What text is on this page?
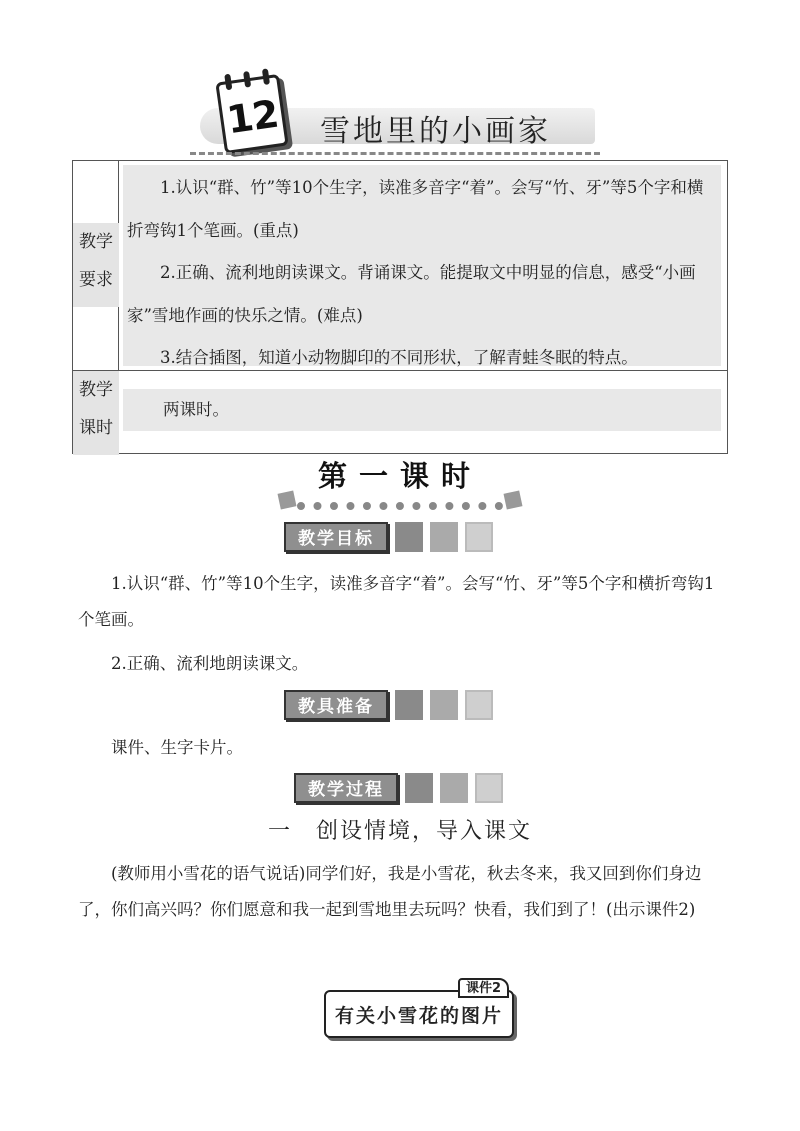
12 雪地里的小画家
教学
要求

1.认识“群、竹”等10个生字，读准多音字“着”。会写“竹、牙”等5个字和横折弯钩1个笔画。(重点)

2.正确、流利地朗读课文。背诵课文。能提取文中明显的信息，感受“小画家”雪地作画的快乐之情。(难点)

3.结合插图，知道小动物脚印的不同形状，了解青蛙冬眠的特点。

教学
课时
两课时。
第一课时
教学目标
1.认识“群、竹”等10个生字，读准多音字“着”。会写“竹、牙”等5个字和横折弯钩1个笔画。
2.正确、流利地朗读课文。
教具准备
课件、生字卡片。
教学过程
一　创设情境，导入课文
(教师用小雪花的语气说话)同学们好，我是小雪花，秋去冬来，我又回到你们身边了，你们高兴吗？你们愿意和我一起到雪地里去玩吗？快看，我们到了！(出示课件2)
课件2
有关小雪花的图片
